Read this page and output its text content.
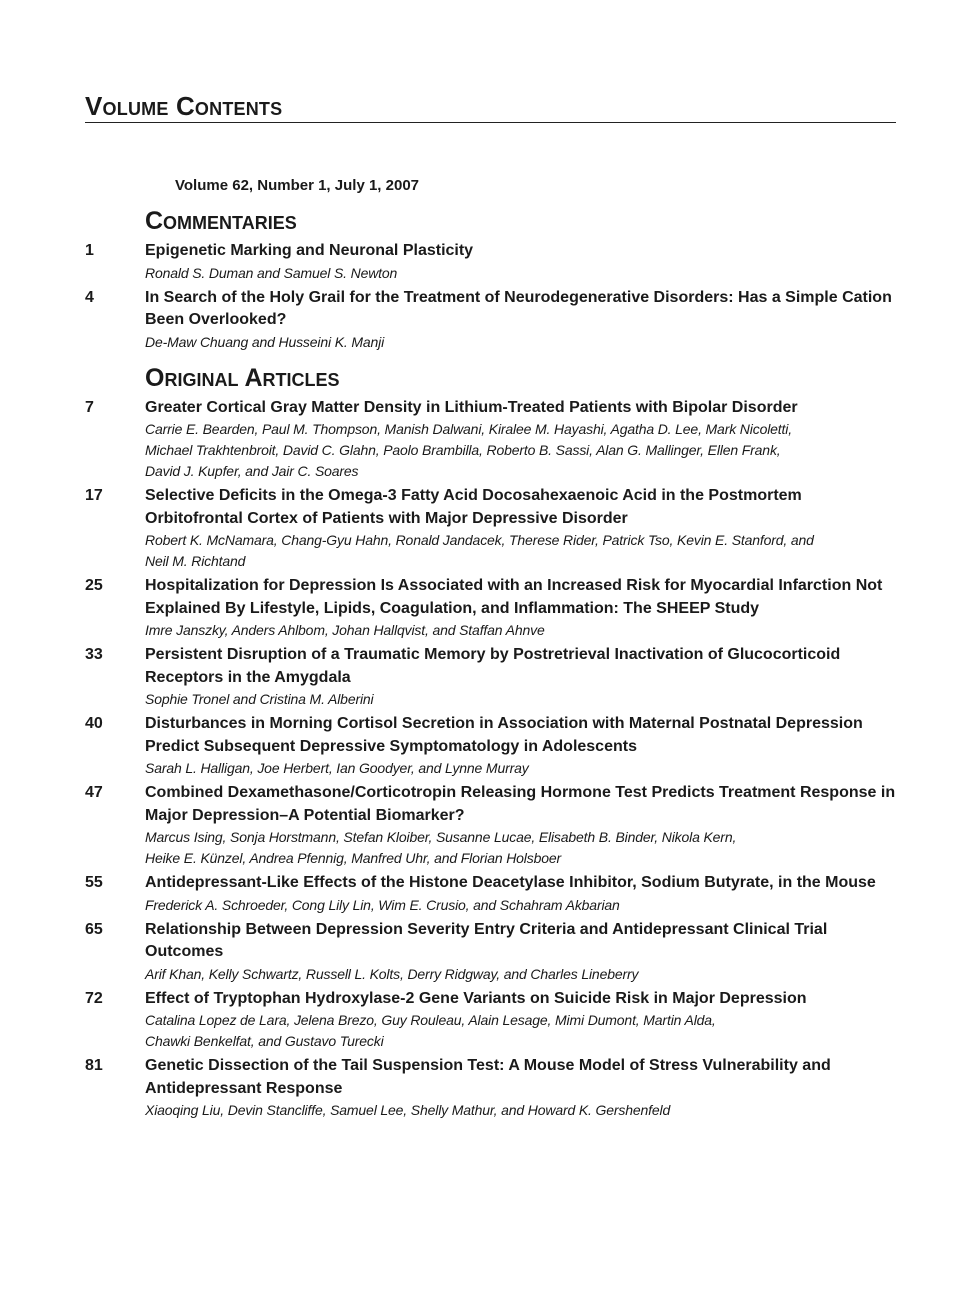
Volume Contents
Volume 62, Number 1, July 1, 2007
Commentaries
1	Epigenetic Marking and Neuronal Plasticity
Ronald S. Duman and Samuel S. Newton
4	In Search of the Holy Grail for the Treatment of Neurodegenerative Disorders: Has a Simple Cation Been Overlooked?
De-Maw Chuang and Husseini K. Manji
Original Articles
7	Greater Cortical Gray Matter Density in Lithium-Treated Patients with Bipolar Disorder
Carrie E. Bearden, Paul M. Thompson, Manish Dalwani, Kiralee M. Hayashi, Agatha D. Lee, Mark Nicoletti,
Michael Trakhtenbroit, David C. Glahn, Paolo Brambilla, Roberto B. Sassi, Alan G. Mallinger, Ellen Frank,
David J. Kupfer, and Jair C. Soares
17	Selective Deficits in the Omega-3 Fatty Acid Docosahexaenoic Acid in the Postmortem Orbitofrontal Cortex of Patients with Major Depressive Disorder
Robert K. McNamara, Chang-Gyu Hahn, Ronald Jandacek, Therese Rider, Patrick Tso, Kevin E. Stanford, and
Neil M. Richtand
25	Hospitalization for Depression Is Associated with an Increased Risk for Myocardial Infarction Not Explained By Lifestyle, Lipids, Coagulation, and Inflammation: The SHEEP Study
Imre Janszky, Anders Ahlbom, Johan Hallqvist, and Staffan Ahnve
33	Persistent Disruption of a Traumatic Memory by Postretrieval Inactivation of Glucocorticoid Receptors in the Amygdala
Sophie Tronel and Cristina M. Alberini
40	Disturbances in Morning Cortisol Secretion in Association with Maternal Postnatal Depression Predict Subsequent Depressive Symptomatology in Adolescents
Sarah L. Halligan, Joe Herbert, Ian Goodyer, and Lynne Murray
47	Combined Dexamethasone/Corticotropin Releasing Hormone Test Predicts Treatment Response in Major Depression–A Potential Biomarker?
Marcus Ising, Sonja Horstmann, Stefan Kloiber, Susanne Lucae, Elisabeth B. Binder, Nikola Kern,
Heike E. Künzel, Andrea Pfennig, Manfred Uhr, and Florian Holsboer
55	Antidepressant-Like Effects of the Histone Deacetylase Inhibitor, Sodium Butyrate, in the Mouse
Frederick A. Schroeder, Cong Lily Lin, Wim E. Crusio, and Schahram Akbarian
65	Relationship Between Depression Severity Entry Criteria and Antidepressant Clinical Trial Outcomes
Arif Khan, Kelly Schwartz, Russell L. Kolts, Derry Ridgway, and Charles Lineberry
72	Effect of Tryptophan Hydroxylase-2 Gene Variants on Suicide Risk in Major Depression
Catalina Lopez de Lara, Jelena Brezo, Guy Rouleau, Alain Lesage, Mimi Dumont, Martin Alda,
Chawki Benkelfat, and Gustavo Turecki
81	Genetic Dissection of the Tail Suspension Test: A Mouse Model of Stress Vulnerability and Antidepressant Response
Xiaoqing Liu, Devin Stancliffe, Samuel Lee, Shelly Mathur, and Howard K. Gershenfeld
